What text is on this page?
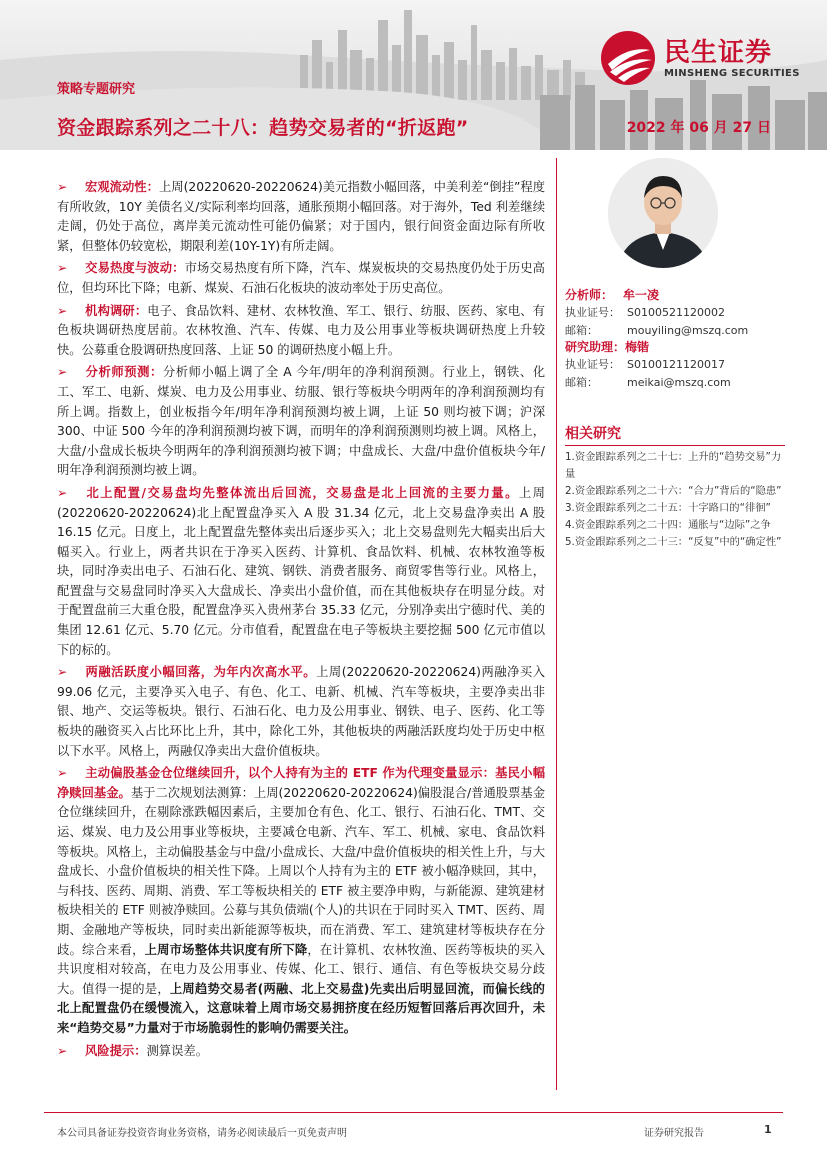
策略专题研究
资金跟踪系列之二十八：趋势交易者的“折返跑”	2022 年 06 月 27 日
民生证券
MINSHENG SECURITIES

➢ 宏观流动性：上周(20220620-20220624)美元指数小幅回落，中美利差“倒挂”程度有所收敛，10Y 美债名义/实际利率均回落，通胀预期小幅回落。对于海外，Ted 利差继续走阔，仍处于高位，离岸美元流动性可能仍偏紧；对于国内，银行间资金面边际有所收紧，但整体仍较宽松，期限利差(10Y-1Y)有所走阔。

➢ 交易热度与波动：市场交易热度有所下降，汽车、煤炭板块的交易热度仍处于历史高位，但均环比下降；电新、煤炭、石油石化板块的波动率处于历史高位。

➢ 机构调研：电子、食品饮料、建材、农林牧渔、军工、银行、纺服、医药、家电、有色板块调研热度居前。农林牧渔、汽车、传媒、电力及公用事业等板块调研热度上升较快。公募重仓股调研热度回落、上证 50 的调研热度小幅上升。

➢ 分析师预测：分析师小幅上调了全 A 今年/明年的净利润预测。行业上，钢铁、化工、军工、电新、煤炭、电力及公用事业、纺服、银行等板块今明两年的净利润预测均有所上调。指数上，创业板指今年/明年净利润预测均被上调，上证 50 则均被下调；沪深 300、中证 500 今年的净利润预测均被下调，而明年的净利润预测则均被上调。风格上，大盘/小盘成长板块今明两年的净利润预测均被下调；中盘成长、大盘/中盘价值板块今年/明年净利润预测均被上调。

➢ 北上配置/交易盘均先整体流出后回流，交易盘是北上回流的主要力量。上周(20220620-20220624)北上配置盘净买入 A 股 31.34 亿元，北上交易盘净卖出 A 股 16.15 亿元。日度上，北上配置盘先整体卖出后逐步买入；北上交易盘则先大幅卖出后大幅买入。行业上，两者共识在于净买入医药、计算机、食品饮料、机械、农林牧渔等板块，同时净卖出电子、石油石化、建筑、钢铁、消费者服务、商贸零售等行业。风格上，配置盘与交易盘同时净买入大盘成长、净卖出小盘价值，而在其他板块存在明显分歧。对于配置盘前三大重仓股，配置盘净买入贵州茅台 35.33 亿元，分别净卖出宁德时代、美的集团 12.61 亿元、5.70 亿元。分市值看，配置盘在电子等板块主要挖掘 500 亿元市值以下的标的。

➢ 两融活跃度小幅回落，为年内次高水平。上周(20220620-20220624)两融净买入 99.06 亿元，主要净买入电子、有色、化工、电新、机械、汽车等板块，主要净卖出非银、地产、交运等板块。银行、石油石化、电力及公用事业、钢铁、电子、医药、化工等板块的融资买入占比环比上升，其中，除化工外，其他板块的两融活跃度均处于历史中枢以下水平。风格上，两融仅净卖出大盘价值板块。

➢ 主动偏股基金仓位继续回升，以个人持有为主的 ETF 作为代理变量显示：基民小幅净赎回基金。基于二次规划法测算：上周(20220620-20220624)偏股混合/普通股票基金仓位继续回升，在剔除涨跌幅因素后，主要加仓有色、化工、银行、石油石化、TMT、交运、煤炭、电力及公用事业等板块，主要减仓电新、汽车、军工、机械、家电、食品饮料等板块。风格上，主动偏股基金与中盘/小盘成长、大盘/中盘价值板块的相关性上升，与大盘成长、小盘价值板块的相关性下降。上周以个人持有为主的 ETF 被小幅净赎回，其中，与科技、医药、周期、消费、军工等板块相关的 ETF 被主要净申购，与新能源、建筑建材板块相关的 ETF 则被净赎回。公募与其负债端(个人)的共识在于同时买入 TMT、医药、周期、金融地产等板块，同时卖出新能源等板块，而在消费、军工、建筑建材等板块存在分歧。综合来看，上周市场整体共识度有所下降，在计算机、农林牧渔、医药等板块的买入共识度相对较高，在电力及公用事业、传媒、化工、银行、通信、有色等板块交易分歧大。值得一提的是，上周趋势交易者(两融、北上交易盘)先卖出后明显回流，而偏长线的北上配置盘仍在缓慢流入，这意味着上周市场交易拥挤度在经历短暂回落后再次回升，未来“趋势交易”力量对于市场脆弱性的影响仍需要关注。

➢ 风险提示：测算误差。

分析师： 牟一凌
执业证号： S0100521120002
邮箱：	mouyiling@mszq.com
研究助理：梅锴
执业证号： S0100121120017
邮箱：	meikai@mszq.com
相关研究

1.资金跟踪系列之二十七：上升的“趋势交易”力量

2.资金跟踪系列之二十六：“合力”背后的“隐患”

3.资金跟踪系列之二十五：十字路口的“徘徊”

4.资金跟踪系列之二十四：通胀与“边际”之争

5.资金跟踪系列之二十三：“反复”中的“确定性”

本公司具备证券投资咨询业务资格，请务必阅读最后一页免责声明	证券研究报告	1
